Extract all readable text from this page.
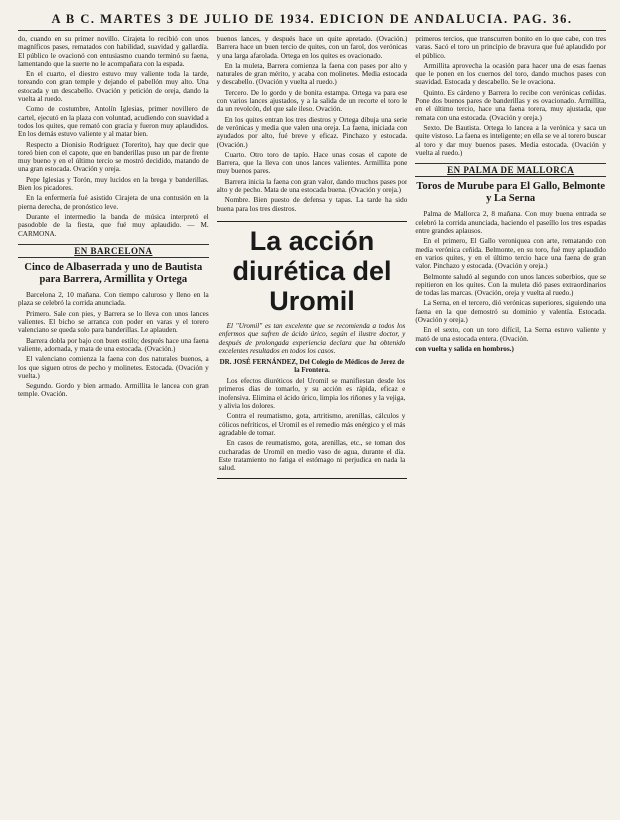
A B C. MARTES 3 DE JULIO DE 1934. EDICION DE ANDALUCIA. PAG. 36.

do, cuando en su primer novillo. Cirajeta lo recibió con unos magníficos pases, rematados con habilidad, suavidad y gallardía. El público le ovacionó con entusiasmo cuando terminó su faena, lamentando que la suerte no le acompañara con la espada.

En el cuarto, el diestro estuvo muy valiente toda la tarde, toreando con gran temple y dejando el pabellón muy alto. Una estocada y un descabello. Ovación y petición de oreja, dando la vuelta al ruedo.

Como de costumbre, Antolín Iglesias, primer novillero de cartel, ejecutó en la plaza con voluntad, acudiendo con suavidad a todos los quites, que remató con gracia y fueron muy aplaudidos. En los demás estuvo valiente y al matar bien.

Respecto a Dionisio Rodríguez (Torerito), hay que decir que toreó bien con el capote, que en banderillas puso un par de frente muy bueno y en el último tercio se mostró decidido, matando de una gran estocada. Ovación y oreja.

Pepe Iglesias y Torón, muy lucidos en la brega y banderillas. Bien los picadores.

En la enfermería fué asistido Cirajeta de una contusión en la pierna derecha, de pronóstico leve.

Durante el intermedio la banda de música interpretó el pasodoble de la fiesta, que fué muy aplaudido. — M. CARMONA.

EN BARCELONA
Cinco de Albaserrada y uno de Bautista para Barrera, Armillita y Ortega

Barcelona 2, 10 mañana. Con tiempo caluroso y lleno en la plaza se celebró la corrida anunciada.

Primero. Sale con pies, y Barrera se lo lleva con unos lances valientes. El bicho se arranca con poder en varas y el torero valenciano se queda solo para banderillas. Le aplauden.

Barrera dobla por bajo con buen estilo; después hace una faena valiente, adornada, y mata de una estocada. (Ovación.)

El valenciano comienza la faena con dos naturales buenos, a los que siguen otros de pecho y molinetes. Estocada. (Ovación y vuelta.)

Segundo. Gordo y bien armado. Armillita le lancea con gran temple. Ovación.

buenos lances, y después hace un quite apretado. (Ovación.) Barrera hace un buen tercio de quites, con un farol, dos verónicas y una larga afarolada. Ortega en los quites es ovacionado.

En la muleta, Barrera comienza la faena con pases por alto y naturales de gran mérito, y acaba con molinetes. Media estocada y descabello. (Ovación y vuelta al ruedo.)

Tercero. De lo gordo y de bonita estampa. Ortega va para ese con varios lances ajustados, y a la salida de un recorte el toro le da un revolcón, del que sale ileso. Ovación.

En los quites entran los tres diestros y Ortega dibuja una serie de verónicas y media que valen una oreja. La faena, iniciada con ayudados por alto, fué breve y eficaz. Pinchazo y estocada. (Ovación.)

Cuarto. Otro toro de tapío. Hace unas cosas el capote de Barrera, que la lleva con unos lances valientes. Armillita pone muy buenos pares.

Barrera inicia la faena con gran valor, dando muchos pases por alto y de pecho. Mata de una estocada buena. (Ovación y oreja.)

Nombre. Bien puesto de defensa y tapas. La tarde ha sido buena para los tres diestros.

La acción diurética del Uromil
El "Uromil" es tan excelente que se recomienda a todos los enfermos que sufren de ácido úrico, según el ilustre doctor, y después de prolongada experiencia declara que ha obtenido excelentes resultados en todos los casos.
DR. JOSÉ FERNÁNDEZ, Del Colegio de Médicos de Jerez de la Frontera.

Los efectos diuréticos del Uromil se manifiestan desde los primeros días de tomarlo, y su acción es rápida, eficaz e inofensiva. Elimina el ácido úrico, limpia los riñones y la vejiga, y alivia los dolores.

Contra el reumatismo, gota, artritismo, arenillas, cálculos y cólicos nefríticos, el Uromil es el remedio más enérgico y el más agradable de tomar.

En casos de reumatismo, gota, arenillas, etc., se toman dos cucharadas de Uromil en medio vaso de agua, durante el día. Este tratamiento no fatiga el estómago ni perjudica en nada la salud.

primeros tercios, que transcurren bonito en lo que cabe, con tres varas. Sacó el toro un principio de bravura que fué aplaudido por el público.

Armillita aprovecha la ocasión para hacer una de esas faenas que le ponen en los cuernos del toro, dando muchos pases con suavidad. Estocada y descabello. Se le ovaciona.

Quinto. Es cárdeno y Barrera lo recibe con verónicas ceñidas. Pone dos buenos pares de banderillas y es ovacionado. Armillita, en el último tercio, hace una faena torera, muy ajustada, que remata con una estocada. (Ovación y oreja.)

Sexto. De Bautista. Ortega lo lancea a la verónica y saca un quite vistoso. La faena es inteligente; en ella se ve al torero buscar al toro y dar muy buenos pases. Media estocada. (Ovación y vuelta al ruedo.)

EN PALMA DE MALLORCA
Toros de Murube para El Gallo, Belmonte y La Serna

Palma de Mallorca 2, 8 mañana. Con muy buena entrada se celebró la corrida anunciada, haciendo el paseíllo los tres espadas entre grandes aplausos.

En el primero, El Gallo veroniquea con arte, rematando con media verónica ceñida. Belmonte, en su toro, fué muy aplaudido en varios quites, y en el último tercio hace una faena de gran valor. Pinchazo y estocada. (Ovación y oreja.)

Belmonte saludó al segundo con unos lances soberbios, que se repitieron en los quites. Con la muleta dió pases extraordinarios de todas las marcas. (Ovación, oreja y vuelta al ruedo.)

La Serna, en el tercero, dió verónicas superiores, siguiendo una faena en la que demostró su dominio y valentía. Estocada. (Ovación y oreja.)

En el sexto, con un toro difícil, La Serna estuvo valiente y mató de una estocada entera. (Ovación.

con vuelta y salida en hombros.)
